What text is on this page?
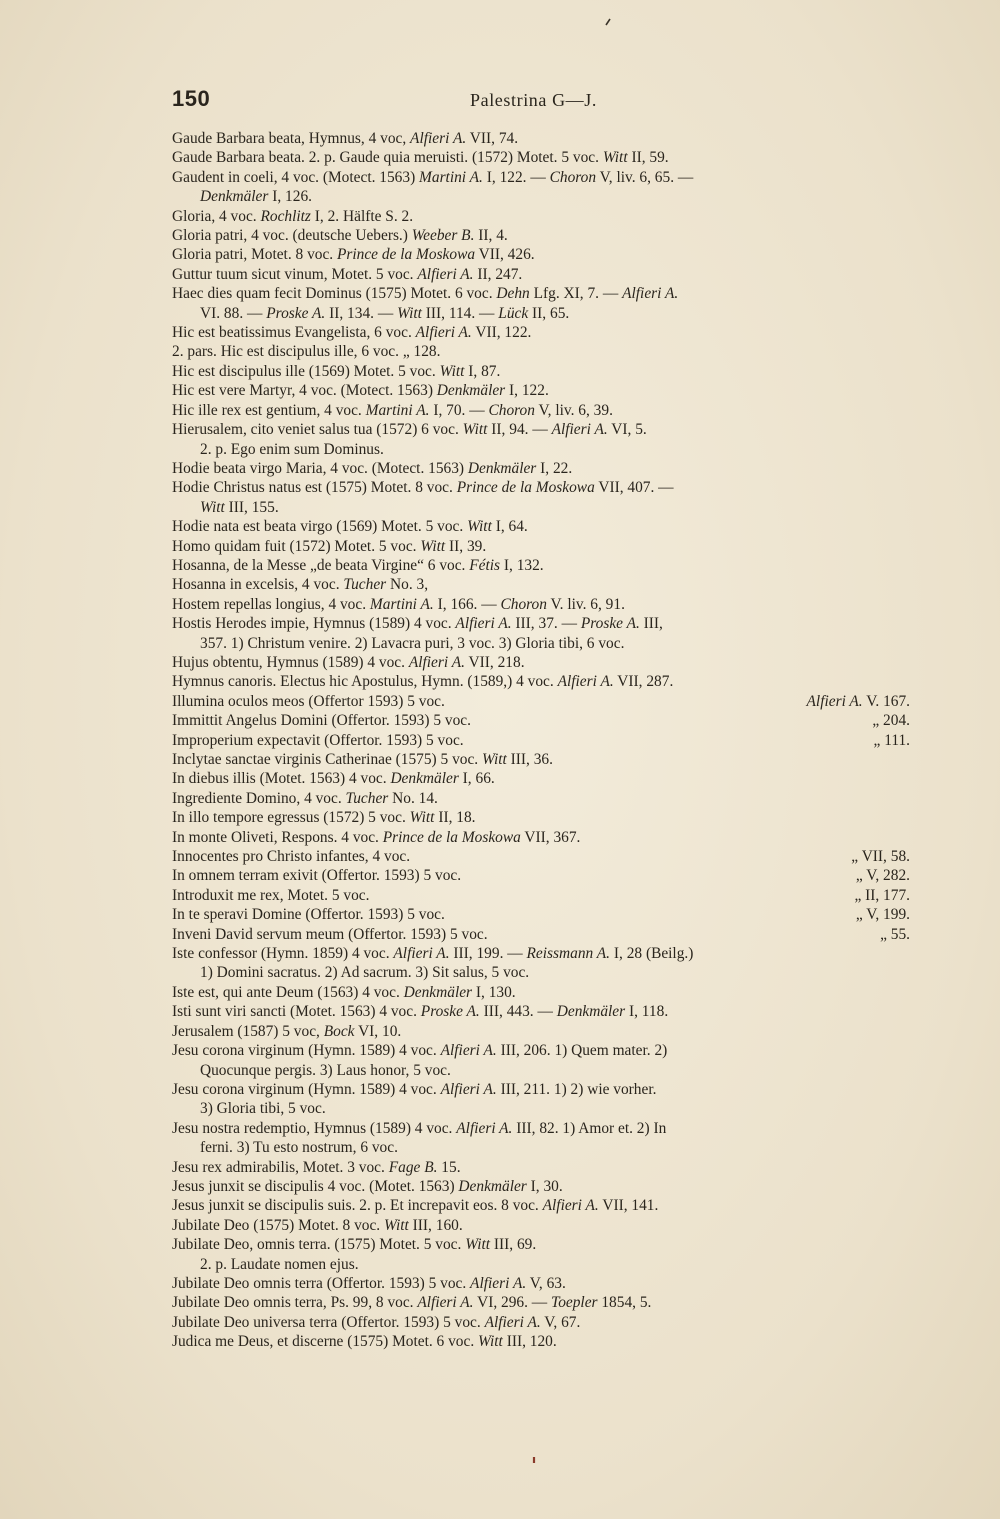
150	Palestrina G—J.
Gaude Barbara beata, Hymnus, 4 voc, Alfieri A. VII, 74.
Gaude Barbara beata. 2. p. Gaude quia meruisti. (1572) Motet. 5 voc. Witt II, 59.
Gaudent in coeli, 4 voc. (Motect. 1563) Martini A. I, 122. — Choron V, liv. 6, 65. —
Denkmäler I, 126.
Gloria, 4 voc. Rochlitz I, 2. Hälfte S. 2.
Gloria patri, 4 voc. (deutsche Uebers.) Weeber B. II, 4.
Gloria patri, Motet. 8 voc. Prince de la Moskowa VII, 426.
Guttur tuum sicut vinum, Motet. 5 voc. Alfieri A. II, 247.
Haec dies quam fecit Dominus (1575) Motet. 6 voc. Dehn Lfg. XI, 7. — Alfieri A.
VI. 88. — Proske A. II, 134. — Witt III, 114. — Lück II, 65.
Hic est beatissimus Evangelista, 6 voc. Alfieri A. VII, 122.
2. pars. Hic est discipulus ille, 6 voc. „ 128.
Hic est discipulus ille (1569) Motet. 5 voc. Witt I, 87.
Hic est vere Martyr, 4 voc. (Motect. 1563) Denkmäler I, 122.
Hic ille rex est gentium, 4 voc. Martini A. I, 70. — Choron V, liv. 6, 39.
Hierusalem, cito veniet salus tua (1572) 6 voc. Witt II, 94. — Alfieri A. VI, 5.
2. p. Ego enim sum Dominus.
Hodie beata virgo Maria, 4 voc. (Motect. 1563) Denkmäler I, 22.
Hodie Christus natus est (1575) Motet. 8 voc. Prince de la Moskowa VII, 407. —
Witt III, 155.
Hodie nata est beata virgo (1569) Motet. 5 voc. Witt I, 64.
Homo quidam fuit (1572) Motet. 5 voc. Witt II, 39.
Hosanna, de la Messe „de beata Virgine“ 6 voc. Fétis I, 132.
Hosanna in excelsis, 4 voc. Tucher No. 3,
Hostem repellas longius, 4 voc. Martini A. I, 166. — Choron V. liv. 6, 91.
Hostis Herodes impie, Hymnus (1589) 4 voc. Alfieri A. III, 37. — Proske A. III,
357. 1) Christum venire. 2) Lavacra puri, 3 voc. 3) Gloria tibi, 6 voc.
Hujus obtentu, Hymnus (1589) 4 voc. Alfieri A. VII, 218.
Hymnus canoris. Electus hic Apostulus, Hymn. (1589,) 4 voc. Alfieri A. VII, 287.
Illumina oculos meos (Offertor 1593) 5 voc.	Alfieri A. V. 167.
Immittit Angelus Domini (Offertor. 1593) 5 voc.	„ 204.
Improperium expectavit (Offertor. 1593) 5 voc.	„ 111.
Inclytae sanctae virginis Catherinae (1575) 5 voc. Witt III, 36.
In diebus illis (Motet. 1563) 4 voc. Denkmäler I, 66.
Ingrediente Domino, 4 voc. Tucher No. 14.
In illo tempore egressus (1572) 5 voc. Witt II, 18.
In monte Oliveti, Respons. 4 voc. Prince de la Moskowa VII, 367.
Innocentes pro Christo infantes, 4 voc.	„ VII, 58.
In omnem terram exivit (Offertor. 1593) 5 voc.	„ V, 282.
Introduxit me rex, Motet. 5 voc.	„ II, 177.
In te speravi Domine (Offertor. 1593) 5 voc.	„ V, 199.
Inveni David servum meum (Offertor. 1593) 5 voc.	„ 55.
Iste confessor (Hymn. 1859) 4 voc. Alfieri A. III, 199. — Reissmann A. I, 28 (Beilg.)
1) Domini sacratus. 2) Ad sacrum. 3) Sit salus, 5 voc.
Iste est, qui ante Deum (1563) 4 voc. Denkmäler I, 130.
Isti sunt viri sancti (Motet. 1563) 4 voc. Proske A. III, 443. — Denkmäler I, 118.
Jerusalem (1587) 5 voc, Bock VI, 10.
Jesu corona virginum (Hymn. 1589) 4 voc. Alfieri A. III, 206. 1) Quem mater. 2)
Quocunque pergis. 3) Laus honor, 5 voc.
Jesu corona virginum (Hymn. 1589) 4 voc. Alfieri A. III, 211. 1) 2) wie vorher.
3) Gloria tibi, 5 voc.
Jesu nostra redemptio, Hymnus (1589) 4 voc. Alfieri A. III, 82. 1) Amor et. 2) In
ferni. 3) Tu esto nostrum, 6 voc.
Jesu rex admirabilis, Motet. 3 voc. Fage B. 15.
Jesus junxit se discipulis 4 voc. (Motet. 1563) Denkmäler I, 30.
Jesus junxit se discipulis suis. 2. p. Et increpavit eos. 8 voc. Alfieri A. VII, 141.
Jubilate Deo (1575) Motet. 8 voc. Witt III, 160.
Jubilate Deo, omnis terra. (1575) Motet. 5 voc. Witt III, 69.
2. p. Laudate nomen ejus.
Jubilate Deo omnis terra (Offertor. 1593) 5 voc. Alfieri A. V, 63.
Jubilate Deo omnis terra, Ps. 99, 8 voc. Alfieri A. VI, 296. — Toepler 1854, 5.
Jubilate Deo universa terra (Offertor. 1593) 5 voc. Alfieri A. V, 67.
Judica me Deus, et discerne (1575) Motet. 6 voc. Witt III, 120.
